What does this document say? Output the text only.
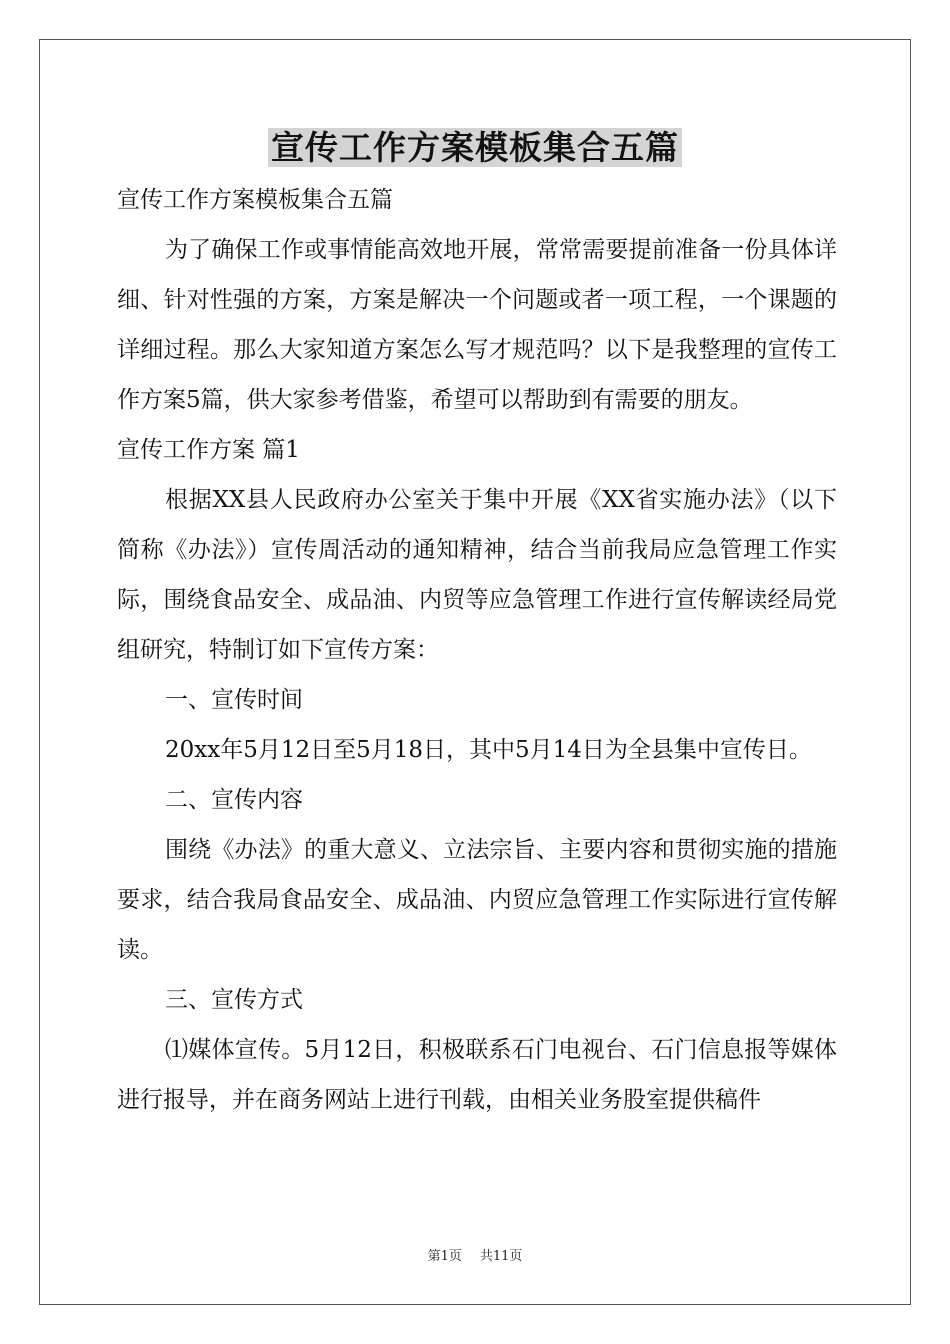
宣传工作方案模板集合五篇

宣传工作方案模板集合五篇

为了确保工作或事情能高效地开展，常常需要提前准备一份具体详细、针对性强的方案，方案是解决一个问题或者一项工程，一个课题的详细过程。那么大家知道方案怎么写才规范吗？以下是我整理的宣传工作方案5篇，供大家参考借鉴，希望可以帮助到有需要的朋友。

宣传工作方案 篇1

根据XX县人民政府办公室关于集中开展《XX省实施办法》（以下简称《办法》）宣传周活动的通知精神，结合当前我局应急管理工作实际，围绕食品安全、成品油、内贸等应急管理工作进行宣传解读经局党组研究，特制订如下宣传方案：

一、宣传时间

20xx年5月12日至5月18日，其中5月14日为全县集中宣传日。

二、宣传内容

围绕《办法》的重大意义、立法宗旨、主要内容和贯彻实施的措施要求，结合我局食品安全、成品油、内贸应急管理工作实际进行宣传解读。

三、宣传方式

⑴媒体宣传。5月12日，积极联系石门电视台、石门信息报等媒体进行报导，并在商务网站上进行刊载，由相关业务股室提供稿件

第1页 共11页
